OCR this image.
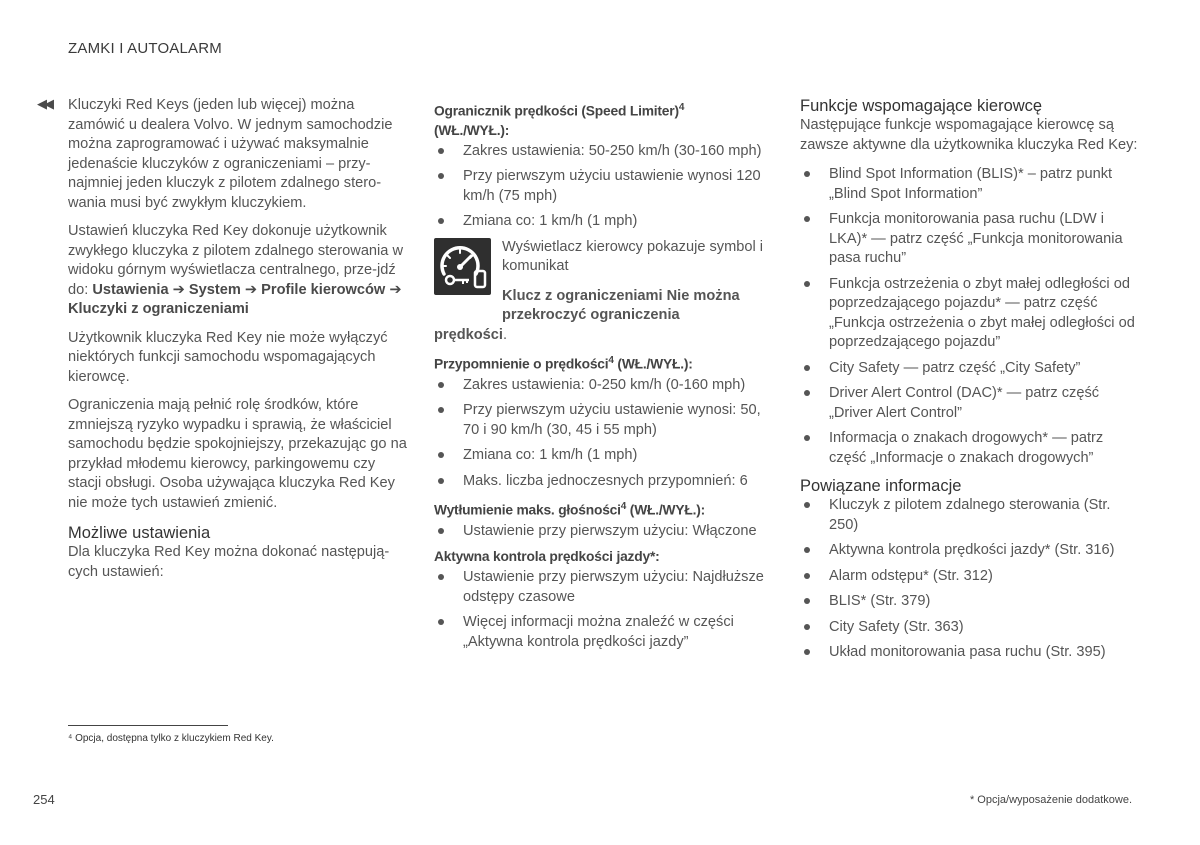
ZAMKI I AUTOALARM
◀◀ Kluczyki Red Keys (jeden lub więcej) można zamówić u dealera Volvo. W jednym samochodzie można zaprogramować i używać maksymalnie jedenaście kluczyków z ograniczeniami – przy-najmniej jeden kluczyk z pilotem zdalnego stero-wania musi być zwykłym kluczykiem.

Ustawień kluczyka Red Key dokonuje użytkownik zwykłego kluczyka z pilotem zdalnego sterowania w widoku górnym wyświetlacza centralnego, prze-jdź do: Ustawienia ➔ System ➔ Profile kierowców ➔ Kluczyki z ograniczeniami

Użytkownik kluczyka Red Key nie może wyłączyć niektórych funkcji samochodu wspomagających kierowcę.

Ograniczenia mają pełnić rolę środków, które zmniejszą ryzyko wypadku i sprawią, że właściciel samochodu będzie spokojniejszy, przekazując go na przykład młodemu kierowcy, parkingowemu czy stacji obsługi. Osoba używająca kluczyka Red Key nie może tych ustawień zmienić.

Możliwe ustawienia

Dla kluczyka Red Key można dokonać następują-cych ustawień:

Ogranicznik prędkości (Speed Limiter)$^4$
(WŁ./WYŁ.):
Zakres ustawienia: 50-250 km/h (30-160 mph)
Przy pierwszym użyciu ustawienie wynosi 120 km/h (75 mph)
Zmiana co: 1 km/h (1 mph)

Wyświetlacz kierowcy pokazuje symbol i komunikat

Klucz z ograniczeniami Nie można przekroczyć ograniczenia

prędkości.

Przypomnienie o prędkości$^4$ (WŁ./WYŁ.):
Zakres ustawienia: 0-250 km/h (0-160 mph)
Przy pierwszym użyciu ustawienie wynosi: 50, 70 i 90 km/h (30, 45 i 55 mph)
Zmiana co: 1 km/h (1 mph)
Maks. liczba jednoczesnych przypomnień: 6
Wytłumienie maks. głośności$^4$ (WŁ./WYŁ.):
Ustawienie przy pierwszym użyciu: Włączone
Aktywna kontrola prędkości jazdy*:
Ustawienie przy pierwszym użyciu: Najdłuższe odstępy czasowe
Więcej informacji można znaleźć w części „Aktywna kontrola prędkości jazdy”
Funkcje wspomagające kierowcę

Następujące funkcje wspomagające kierowcę są zawsze aktywne dla użytkownika kluczyka Red Key:

Blind Spot Information (BLIS)* – patrz punkt „Blind Spot Information”
Funkcja monitorowania pasa ruchu (LDW i LKA)* — patrz część „Funkcja monitorowania pasa ruchu”
Funkcja ostrzeżenia o zbyt małej odległości od poprzedzającego pojazdu* — patrz część „Funkcja ostrzeżenia o zbyt małej odległości od poprzedzającego pojazdu”
City Safety — patrz część „City Safety”
Driver Alert Control (DAC)* — patrz część „Driver Alert Control”
Informacja o znakach drogowych* — patrz część „Informacje o znakach drogowych”
Powiązane informacje
Kluczyk z pilotem zdalnego sterowania (Str. 250)
Aktywna kontrola prędkości jazdy* (Str. 316)
Alarm odstępu* (Str. 312)
BLIS* (Str. 379)
City Safety (Str. 363)
Układ monitorowania pasa ruchu (Str. 395)
⁴ Opcja, dostępna tylko z kluczykiem Red Key.
254	* Opcja/wyposażenie dodatkowe.
